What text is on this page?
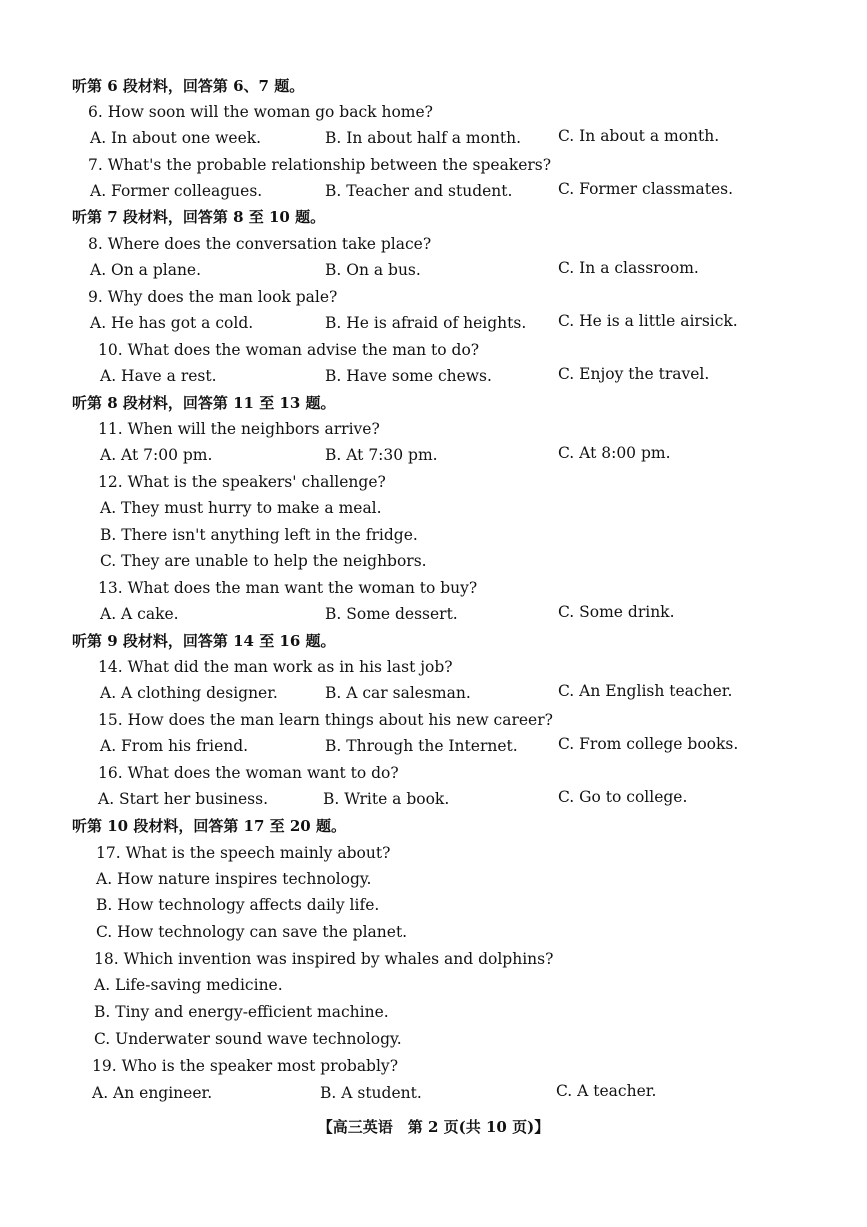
听第 6 段材料，回答第 6、7 题。
6. How soon will the woman go back home?
A. In about one week.	B. In about half a month. C. In about a month.
7. What's the probable relationship between the speakers?
A. Former colleagues.	B. Teacher and student.	C. Former classmates.
听第 7 段材料，回答第 8 至 10 题。
8. Where does the conversation take place?
A. On a plane.	B. On a bus.	C. In a classroom.
9. Why does the man look pale?
A. He has got a cold.	B. He is afraid of heights. C. He is a little airsick.
10. What does the woman advise the man to do?
A. Have a rest.	B. Have some chews.	C. Enjoy the travel.
听第 8 段材料，回答第 11 至 13 题。
11. When will the neighbors arrive?
A. At 7:00 pm.	B. At 7:30 pm.	C. At 8:00 pm.
12. What is the speakers' challenge?
A. They must hurry to make a meal.
B. There isn't anything left in the fridge.
C. They are unable to help the neighbors.
13. What does the man want the woman to buy?
A. A cake.	B. Some dessert.	C. Some drink.
听第 9 段材料，回答第 14 至 16 题。
14. What did the man work as in his last job?
A. A clothing designer.	B. A car salesman.	C. An English teacher.
15. How does the man learn things about his new career?
A. From his friend.	B. Through the Internet.	C. From college books.
16. What does the woman want to do?
A. Start her business.	B. Write a book.	C. Go to college.
听第 10 段材料，回答第 17 至 20 题。
17. What is the speech mainly about?
A. How nature inspires technology.
B. How technology affects daily life.
C. How technology can save the planet.
18. Which invention was inspired by whales and dolphins?
A. Life-saving medicine.
B. Tiny and energy-efficient machine.
C. Underwater sound wave technology.
19. Who is the speaker most probably?
A. An engineer.	B. A student.	C. A teacher.
【高三英语　第 2 页(共 10 页)】
